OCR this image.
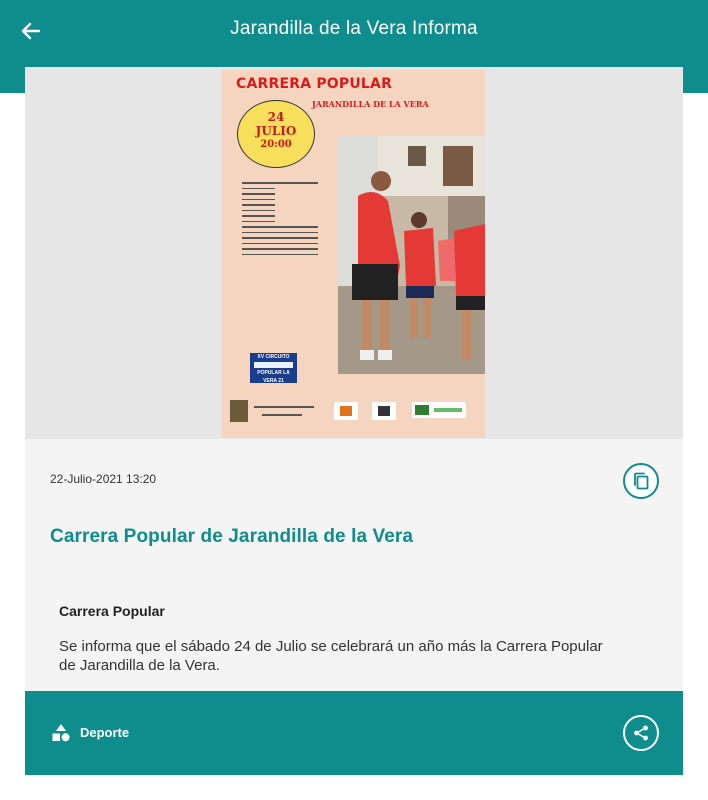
Jarandilla de la Vera Informa
CARRERA POPULAR
JARANDILLA DE LA VERA
24
JULIO
20:00
XV CIRCUITO
POPULAR LA VERA 21
22-Julio-2021 13:20
Carrera Popular de Jarandilla de la Vera
Carrera Popular
Se informa que el sábado 24 de Julio se celebrará un año más la Carrera Popular de Jarandilla de la Vera.
Deporte
